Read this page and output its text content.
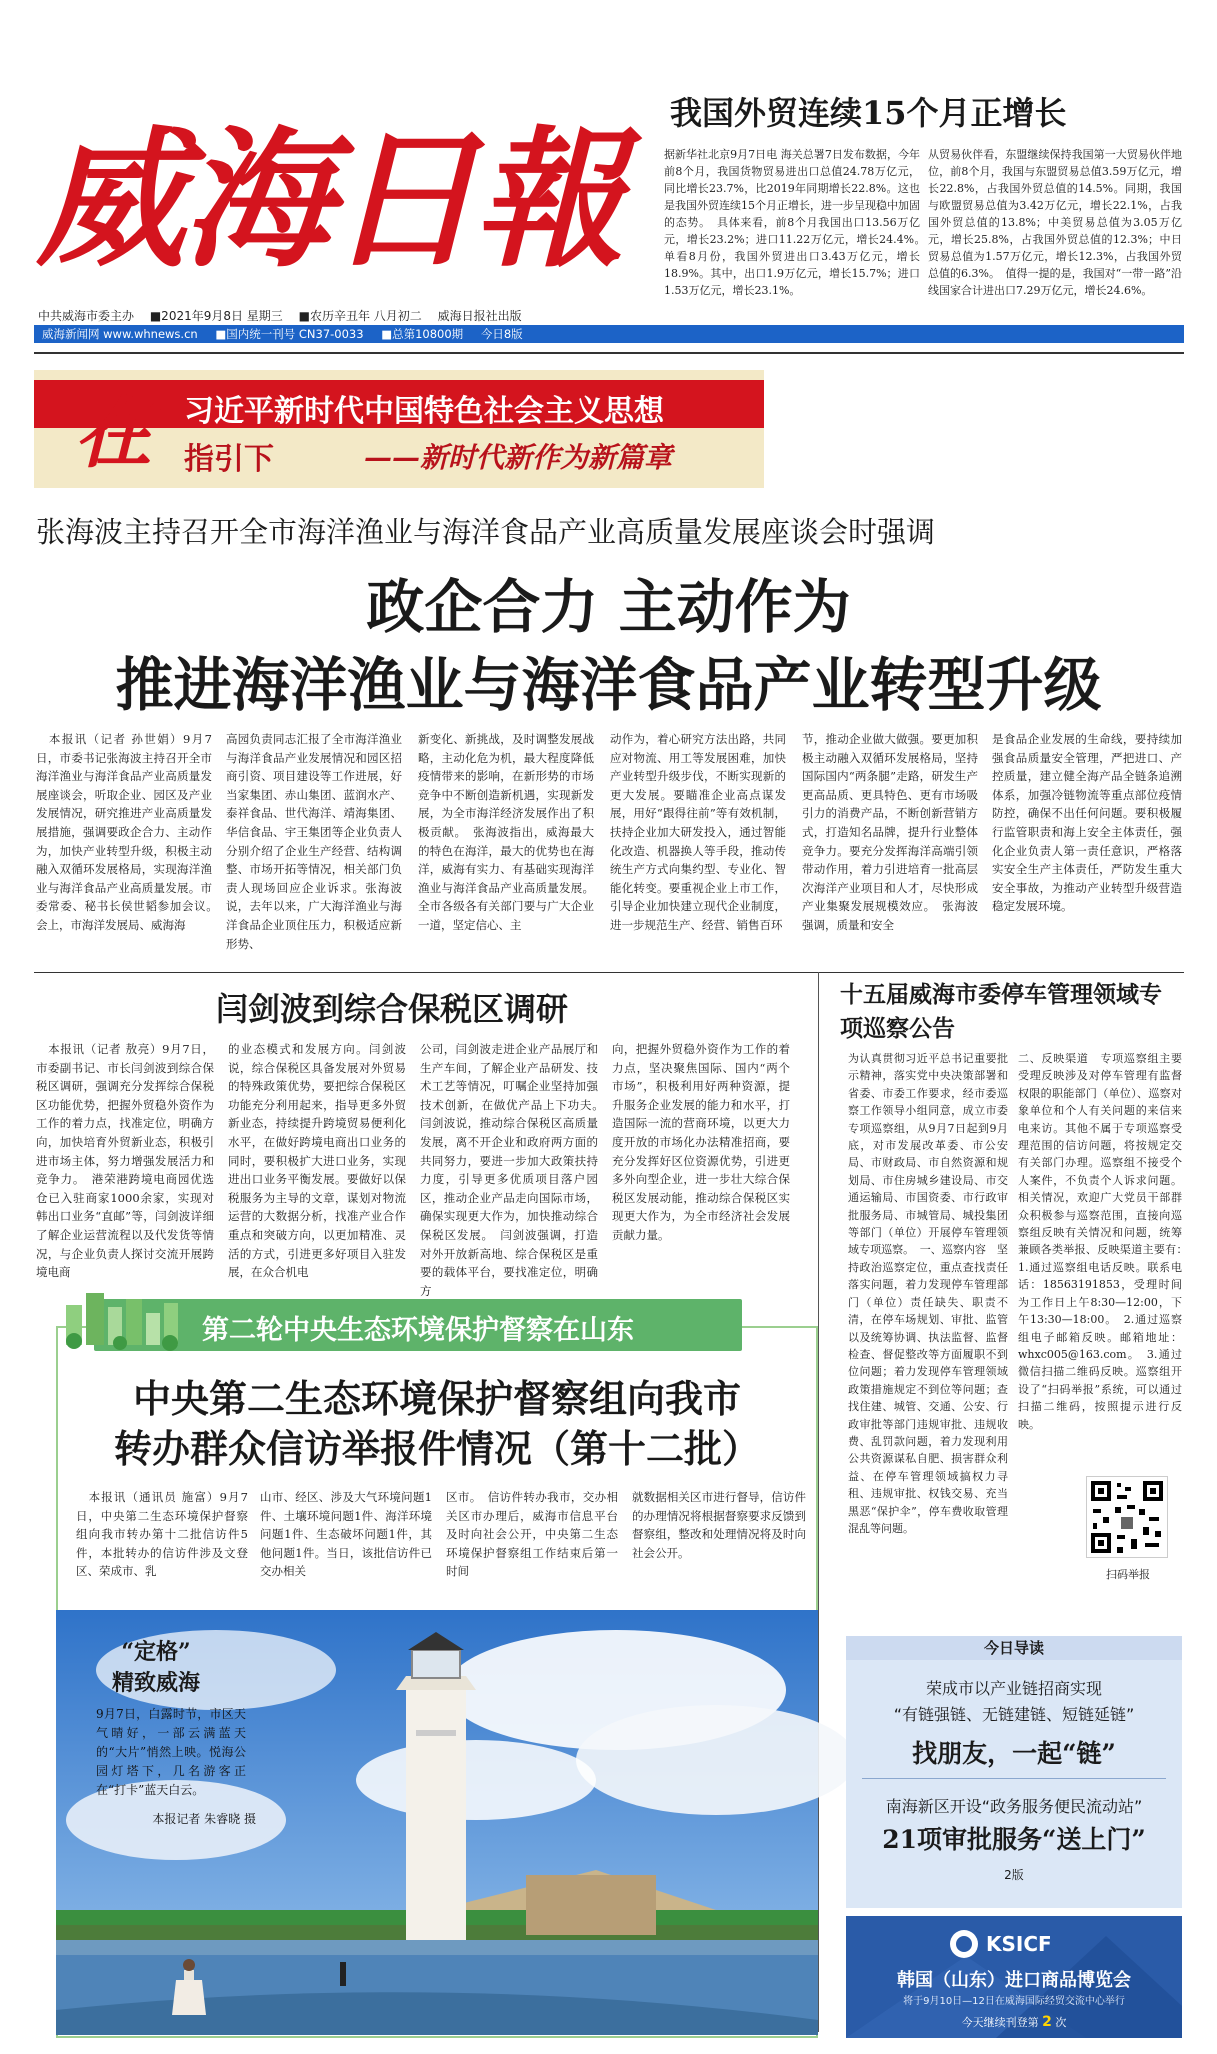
威海日報
中共威海市委主办 ■2021年9月8日 星期三 ■农历辛丑年 八月初二 威海日报社出版
威海新闻网 www.whnews.cn ■国内统一刊号 CN37-0033 ■总第10800期 今日8版
我国外贸连续15个月正增长
据新华社北京9月7日电 海关总署7日发布数据，今年前8个月，我国货物贸易进出口总值24.78万亿元，同比增长23.7%，比2019年同期增长22.8%。这也是我国外贸连续15个月正增长，进一步呈现稳中加固的态势。　具体来看，前8个月我国出口13.56万亿元，增长23.2%；进口11.22万亿元，增长24.4%。　单看8月份，我国外贸进出口3.43万亿元，增长18.9%。其中，出口1.9万亿元，增长15.7%；进口1.53万亿元，增长23.1%。
从贸易伙伴看，东盟继续保持我国第一大贸易伙伴地位，前8个月，我国与东盟贸易总值3.59万亿元，增长22.8%，占我国外贸总值的14.5%。同期，我国与欧盟贸易总值为3.42万亿元，增长22.1%，占我国外贸总值的13.8%；中美贸易总值为3.05万亿元，增长25.8%，占我国外贸总值的12.3%；中日贸易总值为1.57万亿元，增长12.3%，占我国外贸总值的6.3%。　值得一提的是，我国对“一带一路”沿线国家合计进出口7.29万亿元，增长24.6%。
在 习近平新时代中国特色社会主义思想
指引下	——新时代新作为新篇章
张海波主持召开全市海洋渔业与海洋食品产业高质量发展座谈会时强调
政企合力 主动作为
推进海洋渔业与海洋食品产业转型升级
　本报讯（记者 孙世娟）9月7日，市委书记张海波主持召开全市海洋渔业与海洋食品产业高质量发展座谈会，听取企业、园区及产业发展情况，研究推进产业高质量发展措施，强调要政企合力、主动作为，加快产业转型升级，积极主动融入双循环发展格局，实现海洋渔业与海洋食品产业高质量发展。市委常委、秘书长侯世韬参加会议。　会上，市海洋发展局、威海海
高园负责同志汇报了全市海洋渔业与海洋食品产业发展情况和园区招商引资、项目建设等工作进展，好当家集团、赤山集团、蓝润水产、泰祥食品、世代海洋、靖海集团、华信食品、宇王集团等企业负责人分别介绍了企业生产经营、结构调整、市场开拓等情况，相关部门负责人现场回应企业诉求。张海波说，去年以来，广大海洋渔业与海洋食品企业顶住压力，积极适应新形势、
新变化、新挑战，及时调整发展战略，主动化危为机，最大程度降低疫情带来的影响，在新形势的市场竞争中不断创造新机遇，实现新发展，为全市海洋经济发展作出了积极贡献。　张海波指出，威海最大的特色在海洋，最大的优势也在海洋，威海有实力、有基础实现海洋渔业与海洋食品产业高质量发展。全市各级各有关部门要与广大企业一道，坚定信心、主
动作为，着心研究方法出路，共同应对物流、用工等发展困难，加快产业转型升级步伐，不断实现新的更大发展。要瞄准企业高点谋发展，用好“跟得往前”等有效机制，扶持企业加大研发投入，通过智能化改造、机器换人等手段，推动传统生产方式向集约型、专业化、智能化转变。要重视企业上市工作，引导企业加快建立现代企业制度，进一步规范生产、经营、销售百环
节，推动企业做大做强。要更加积极主动融入双循环发展格局，坚持国际国内“两条腿”走路，研发生产更高品质、更具特色、更有市场吸引力的消费产品，不断创新营销方式，打造知名品牌，提升行业整体竞争力。要充分发挥海洋高端引领带动作用，着力引进培育一批高层次海洋产业项目和人才，尽快形成产业集聚发展规模效应。　张海波强调，质量和安全
是食品企业发展的生命线，要持续加强食品质量安全管理，严把进口、产控质量，建立健全海产品全链条追溯体系，加强冷链物流等重点部位疫情防控，确保不出任何问题。要积极履行监管职责和海上安全主体责任，强化企业负责人第一责任意识，严格落实安全生产主体责任，严防发生重大安全事故，为推动产业转型升级营造稳定发展环境。
闫剑波到综合保税区调研
　本报讯（记者 敖亮）9月7日，市委副书记、市长闫剑波到综合保税区调研，强调充分发挥综合保税区功能优势，把握外贸稳外资作为工作的着力点，找准定位，明确方向，加快培育外贸新业态，积极引进市场主体，努力增强发展活力和竞争力。　港荣港跨境电商园优选仓已入驻商家1000余家，实现对韩出口业务“直邮”等，闫剑波详细了解企业运营流程以及代发货等情况，与企业负责人探讨交流开展跨境电商
的业态模式和发展方向。闫剑波说，综合保税区具备发展对外贸易的特殊政策优势，要把综合保税区功能充分利用起来，指导更多外贸新业态，持续提升跨境贸易便利化水平，在做好跨境电商出口业务的同时，要积极扩大进口业务，实现进出口业务平衡发展。要做好以保税服务为主导的文章，谋划对物流运营的大数据分析，找准产业合作重点和突破方向，以更加精准、灵活的方式，引进更多好项目入驻发展，在众合机电
公司，闫剑波走进企业产品展厅和生产车间，了解企业产品研发、技术工艺等情况，叮嘱企业坚持加强技术创新，在做优产品上下功夫。　闫剑波说，推动综合保税区高质量发展，离不开企业和政府两方面的共同努力，要进一步加大政策扶持力度，引导更多优质项目落户园区，推动企业产品走向国际市场，确保实现更大作为，加快推动综合保税区发展。　闫剑波强调，打造对外开放新高地、综合保税区是重要的载体平台，要找准定位，明确方
向，把握外贸稳外资作为工作的着力点，坚决聚焦国际、国内“两个市场”，积极利用好两种资源，提升服务企业发展的能力和水平，打造国际一流的营商环境，以更大力度开放的市场化办法精准招商，要充分发挥好区位资源优势，引进更多外向型企业，进一步壮大综合保税区发展动能，推动综合保税区实现更大作为，为全市经济社会发展贡献力量。
十五届威海市委停车管理领域专项巡察公告
为认真贯彻习近平总书记重要批示精神，落实党中央决策部署和省委、市委工作要求，经市委巡察工作领导小组同意，成立市委专项巡察组，从9月7日起到9月底，对市发展改革委、市公安局、市财政局、市自然资源和规划局、市住房城乡建设局、市交通运输局、市国资委、市行政审批服务局、市城管局、城投集团等部门（单位）开展停车管理领域专项巡察。　一、巡察内容　坚持政治巡察定位，重点查找责任落实问题，着力发现停车管理部门（单位）责任缺失、职责不清，在停车场规划、审批、监管以及统筹协调、执法监督、监督检查、督促整改等方面履职不到位问题；着力发现停车管理领域政策措施规定不到位等问题；查找住建、城管、交通、公安、行政审批等部门违规审批、违规收费、乱罚款问题，着力发现利用公共资源谋私自肥、损害群众利益、在停车管理领域搞权力寻租、违规审批、权钱交易、充当黑恶“保护伞”，停车费收取管理混乱等问题。
二、反映渠道　专项巡察组主要受理反映涉及对停车管理有监督权限的职能部门（单位）、巡察对象单位和个人有关问题的来信来电来访。其他不属于专项巡察受理范围的信访问题，将按规定交有关部门办理。巡察组不接受个人案件，不负责个人诉求问题。相关情况，欢迎广大党员干部群众积极参与巡察范围，直接向巡察组反映有关情况和问题，统筹兼顾各类举报、反映渠道主要有：　1.通过巡察组电话反映。联系电话：18563191853，受理时间为工作日上午8:30—12:00，下午13:30—18:00。　2.通过巡察组电子邮箱反映。邮箱地址：whxc005@163.com。　3.通过微信扫描二维码反映。巡察组开设了“扫码举报”系统，可以通过扫描二维码，按照提示进行反映。
扫码举报
第二轮中央生态环境保护督察在山东
中央第二生态环境保护督察组向我市
转办群众信访举报件情况（第十二批）
　本报讯（通讯员 施富）9月7日，中央第二生态环境保护督察组向我市转办第十二批信访件5件，本批转办的信访件涉及文登区、荣成市、乳
山市、经区、涉及大气环境问题1件、土壤环境问题1件、海洋环境问题1件、生态破坏问题1件，其他问题1件。当日，该批信访件已交办相关
区市。　信访件转办我市，交办相关区市办理后，威海市信息平台及时向社会公开，中央第二生态环境保护督察组工作结束后第一时间
就数据相关区市进行督导，信访件的办理情况将根据督察要求反馈到督察组，整改和处理情况将及时向社会公开。
“定格”
精致威海
9月7日，白露时节，市区天气晴好，一部云满蓝天的“大片”悄然上映。悦海公园灯塔下，几名游客正在“打卡”蓝天白云。
本报记者 朱睿晓 摄
今日导读
荣成市以产业链招商实现
“有链强链、无链建链、短链延链”
找朋友，一起“链”
南海新区开设“政务服务便民流动站”
21项审批服务“送上门”
2版
KSICF
韩国（山东）进口商品博览会
将于9月10日—12日在威海国际经贸交流中心举行
今天继续刊登第 2 次
